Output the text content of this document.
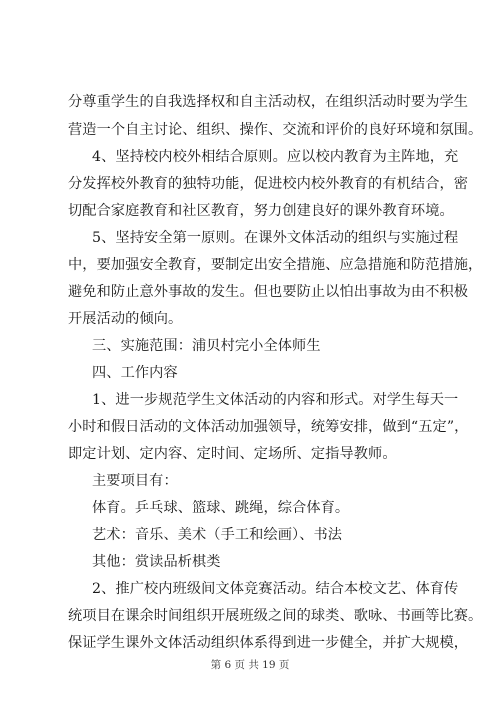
分尊重学生的自我选择权和自主活动权，在组织活动时要为学生
营造一个自主讨论、组织、操作、交流和评价的良好环境和氛围。
4、坚持校内校外相结合原则。应以校内教育为主阵地，充
分发挥校外教育的独特功能，促进校内校外教育的有机结合，密
切配合家庭教育和社区教育，努力创建良好的课外教育环境。
5、坚持安全第一原则。在课外文体活动的组织与实施过程
中，要加强安全教育，要制定出安全措施、应急措施和防范措施，
避免和防止意外事故的发生。但也要防止以怕出事故为由不积极
开展活动的倾向。
三、实施范围：浦贝村完小全体师生
四、工作内容
1、进一步规范学生文体活动的内容和形式。对学生每天一
小时和假日活动的文体活动加强领导，统筹安排，做到“五定”，
即定计划、定内容、定时间、定场所、定指导教师。
主要项目有：
体育。乒乓球、篮球、跳绳，综合体育。
艺术：音乐、美术（手工和绘画）、书法
其他：赏读品析棋类
2、推广校内班级间文体竞赛活动。结合本校文艺、体育传
统项目在课余时间组织开展班级之间的球类、歌咏、书画等比赛。
保证学生课外文体活动组织体系得到进一步健全，并扩大规模，
第 6 页 共 19 页
